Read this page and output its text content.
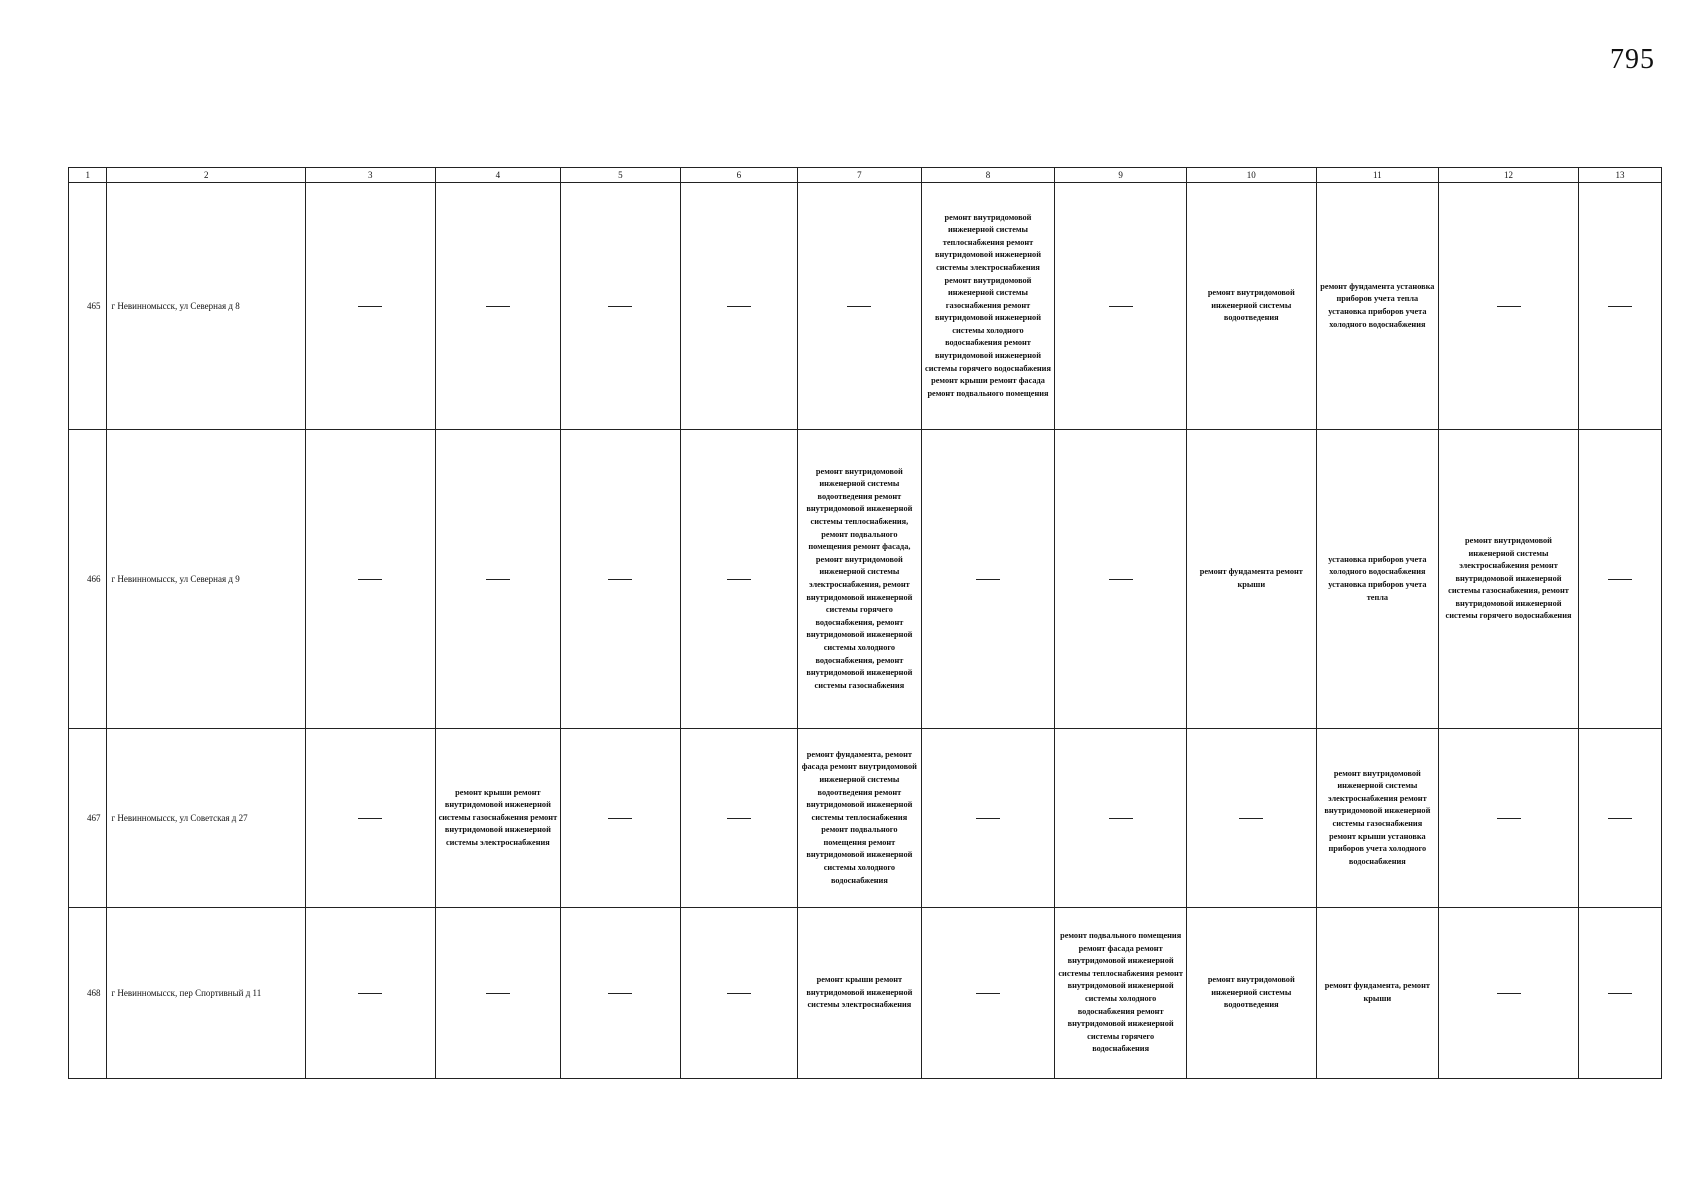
795
1	2	3	4	5	6	7	8	9	10	11	12	13
465	г Невинномысск, ул Северная д 8						ремонт внутридомовой инженерной системы теплоснабжения ремонт внутридомовой инженерной системы электроснабжения ремонт внутридомовой инженерной системы газоснабжения ремонт внутридомовой инженерной системы холодного водоснабжения ремонт внутридомовой инженерной системы горячего водоснабжения ремонт крыши ремонт фасада ремонт подвального помещения		ремонт внутридомовой инженерной системы водоотведения	ремонт фундамента установка приборов учета тепла установка приборов учета холодного водоснабжения		
466	г Невинномысск, ул Северная д 9					ремонт внутридомовой инженерной системы водоотведения ремонт внутридомовой инженерной системы теплоснабжения, ремонт подвального помещения ремонт фасада, ремонт внутридомовой инженерной системы электроснабжения, ремонт внутридомовой инженерной системы горячего водоснабжения, ремонт внутридомовой инженерной системы холодного водоснабжения, ремонт внутридомовой инженерной системы газоснабжения			ремонт фундамента ремонт крыши	установка приборов учета холодного водоснабжения установка приборов учета тепла	ремонт внутридомовой инженерной системы электроснабжения ремонт внутридомовой инженерной системы газоснабжения, ремонт внутридомовой инженерной системы горячего водоснабжения	
467	г Невинномысск, ул Советская д 27		ремонт крыши ремонт внутридомовой инженерной системы газоснабжения ремонт внутридомовой инженерной системы электроснабжения			ремонт фундамента, ремонт фасада ремонт внутридомовой инженерной системы водоотведения ремонт внутридомовой инженерной системы теплоснабжения ремонт подвального помещения ремонт внутридомовой инженерной системы холодного водоснабжения				ремонт внутридомовой инженерной системы электроснабжения ремонт внутридомовой инженерной системы газоснабжения ремонт крыши установка приборов учета холодного водоснабжения		
468	г Невинномысск, пер Спортивный д 11					ремонт крыши ремонт внутридомовой инженерной системы электроснабжения		ремонт подвального помещения ремонт фасада ремонт внутридомовой инженерной системы теплоснабжения ремонт внутридомовой инженерной системы холодного водоснабжения ремонт внутридомовой инженерной системы горячего водоснабжения	ремонт внутридомовой инженерной системы водоотведения	ремонт фундамента, ремонт крыши		
